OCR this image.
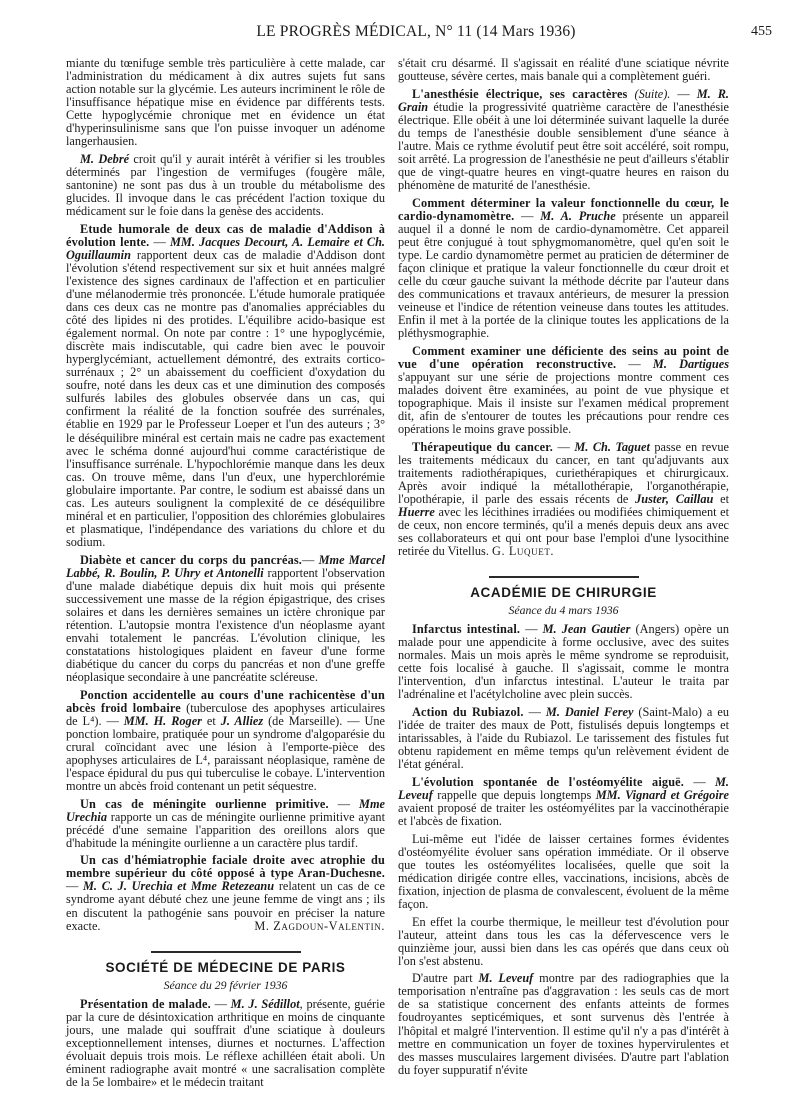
LE PROGRÈS MÉDICAL, N° 11 (14 Mars 1936)	455

miante du tœnifuge semble très particulière à cette malade, car l'administration du médicament à dix autres sujets fut sans action notable sur la glycémie. Les auteurs incriminent le rôle de l'insuffisance hépatique mise en évidence par différents tests. Cette hypoglycémie chronique met en évidence un état d'hyperinsulinisme sans que l'on puisse invoquer un adénome langerhausien.

M. Debré croit qu'il y aurait intérêt à vérifier si les troubles déterminés par l'ingestion de vermifuges (fougère mâle, santonine) ne sont pas dus à un trouble du métabolisme des glucides. Il invoque dans le cas précédent l'action toxique du médicament sur le foie dans la genèse des accidents.

Etude humorale de deux cas de maladie d'Addison à évolution lente. — MM. Jacques Decourt, A. Lemaire et Ch. Oguillaumin rapportent deux cas de maladie d'Addison dont l'évolution s'étend respectivement sur six et huit années malgré l'existence des signes cardinaux de l'affection et en particulier d'une mélanodermie très prononcée. L'étude humorale pratiquée dans ces deux cas ne montre pas d'anomalies appréciables du côté des lipides ni des protides. L'équilibre acido-basique est également normal. On note par contre : 1° une hypoglycémie, discrète mais indiscutable, qui cadre bien avec le pouvoir hyperglycémiant, actuellement démontré, des extraits cortico-surrénaux ; 2° un abaissement du coefficient d'oxydation du soufre, noté dans les deux cas et une diminution des composés sulfurés labiles des globules observée dans un cas, qui confirment la réalité de la fonction soufrée des surrénales, établie en 1929 par le Professeur Loeper et l'un des auteurs ; 3° le déséquilibre minéral est certain mais ne cadre pas exactement avec le schéma donné aujourd'hui comme caractéristique de l'insuffisance surrénale. L'hypochlorémie manque dans les deux cas. On trouve même, dans l'un d'eux, une hyperchlorémie globulaire importante. Par contre, le sodium est abaissé dans un cas. Les auteurs soulignent la complexité de ce déséquilibre minéral et en particulier, l'opposition des chlorémies globulaires et plasmatique, l'indépendance des variations du chlore et du sodium.

Diabète et cancer du corps du pancréas.— Mme Marcel Labbé, R. Boulin, P. Uhry et Antonelli rapportent l'observation d'une malade diabétique depuis dix huit mois qui présente successivement une masse de la région épigastrique, des crises solaires et dans les dernières semaines un ictère chronique par rétention. L'autopsie montra l'existence d'un néoplasme ayant envahi totalement le pancréas. L'évolution clinique, les constatations histologiques plaident en faveur d'une forme diabétique du cancer du corps du pancréas et non d'une greffe néoplasique secondaire à une pancréatite scléreuse.

Ponction accidentelle au cours d'une rachicentèse d'un abcès froid lombaire (tuberculose des apophyses articulaires de L⁴). — MM. H. Roger et J. Alliez (de Marseille). — Une ponction lombaire, pratiquée pour un syndrome d'algoparésie du crural coïncidant avec une lésion à l'emporte-pièce des apophyses articulaires de L⁴, paraissant néoplasique, ramène de l'espace épidural du pus qui tuberculise le cobaye. L'intervention montre un abcès froid contenant un petit séquestre.

Un cas de méningite ourlienne primitive. — Mme Urechia rapporte un cas de méningite ourlienne primitive ayant précédé d'une semaine l'apparition des oreillons alors que d'habitude la méningite ourlienne a un caractère plus tardif.

Un cas d'hémiatrophie faciale droite avec atrophie du membre supérieur du côté opposé à type Aran-Duchesne. — M. C. J. Urechia et Mme Retezeanu relatent un cas de ce syndrome ayant débuté chez une jeune femme de vingt ans ; ils en discutent la pathogénie sans pouvoir en préciser la nature exacte.	M. Zagdoun-Valentin.

SOCIÉTÉ DE MÉDECINE DE PARIS
Séance du 29 février 1936

Présentation de malade. — M. J. Sédillot, présente, guérie par la cure de désintoxication arthritique en moins de cinquante jours, une malade qui souffrait d'une sciatique à douleurs exceptionnellement intenses, diurnes et nocturnes. L'affection évoluait depuis trois mois. Le réflexe achilléen était aboli. Un éminent radiographe avait montré « une sacralisation complète de la 5e lombaire» et le médecin traitant

s'était cru désarmé. Il s'agissait en réalité d'une sciatique névrite goutteuse, sévère certes, mais banale qui a complètement guéri.

L'anesthésie électrique, ses caractères (Suite). — M. R. Grain étudie la progressivité quatrième caractère de l'anesthésie électrique. Elle obéit à une loi déterminée suivant laquelle la durée du temps de l'anesthésie double sensiblement d'une séance à l'autre. Mais ce rythme évolutif peut être soit accéléré, soit rompu, soit arrêté. La progression de l'anesthésie ne peut d'ailleurs s'établir que de vingt-quatre heures en vingt-quatre heures en raison du phénomène de maturité de l'anesthésie.

Comment déterminer la valeur fonctionnelle du cœur, le cardio-dynamomètre. — M. A. Pruche présente un appareil auquel il a donné le nom de cardio-dynamomètre. Cet appareil peut être conjugué à tout sphygmomanomètre, quel qu'en soit le type. Le cardio dynamomètre permet au praticien de déterminer de façon clinique et pratique la valeur fonctionnelle du cœur droit et celle du cœur gauche suivant la méthode décrite par l'auteur dans des communications et travaux antérieurs, de mesurer la pression veineuse et l'indice de rétention veineuse dans toutes les attitudes. Enfin il met à la portée de la clinique toutes les applications de la pléthysmographie.

Comment examiner une déficiente des seins au point de vue d'une opération reconstructive. — M. Dartigues s'appuyant sur une série de projections montre comment ces malades doivent être examinées, au point de vue physique et topographique. Mais il insiste sur l'examen médical proprement dit, afin de s'entourer de toutes les précautions pour rendre ces opérations le moins grave possible.

Thérapeutique du cancer. — M. Ch. Taguet passe en revue les traitements médicaux du cancer, en tant qu'adjuvants aux traitements radiothérapiques, curiethérapiques et chirurgicaux. Après avoir indiqué la métallothérapie, l'organothérapie, l'opothérapie, il parle des essais récents de Juster, Caillau et Huerre avec les lécithines irradiées ou modifiées chimiquement et de ceux, non encore terminés, qu'il a menés depuis deux ans avec ses collaborateurs et qui ont pour base l'emploi d'une lysocithine retirée du Vitellus. G. Luquet.

ACADÉMIE DE CHIRURGIE
Séance du 4 mars 1936

Infarctus intestinal. — M. Jean Gautier (Angers) opère un malade pour une appendicite à forme occlusive, avec des suites normales. Mais un mois après le même syndrome se reproduisit, cette fois localisé à gauche. Il s'agissait, comme le montra l'intervention, d'un infarctus intestinal. L'auteur le traita par l'adrénaline et l'acétylcholine avec plein succès.

Action du Rubiazol. — M. Daniel Ferey (Saint-Malo) a eu l'idée de traiter des maux de Pott, fistulisés depuis longtemps et intarissables, à l'aide du Rubiazol. Le tarissement des fistules fut obtenu rapidement en même temps qu'un relèvement évident de l'état général.

L'évolution spontanée de l'ostéomyélite aiguë. — M. Leveuf rappelle que depuis longtemps MM. Vignard et Grégoire avaient proposé de traiter les ostéomyélites par la vaccinothérapie et l'abcès de fixation.

Lui-même eut l'idée de laisser certaines formes évidentes d'ostéomyélite évoluer sans opération immédiate. Or il observe que toutes les ostéomyélites localisées, quelle que soit la médication dirigée contre elles, vaccinations, incisions, abcès de fixation, injection de plasma de convalescent, évoluent de la même façon.

En effet la courbe thermique, le meilleur test d'évolution pour l'auteur, atteint dans tous les cas la défervescence vers le quinzième jour, aussi bien dans les cas opérés que dans ceux où l'on s'est abstenu.

D'autre part M. Leveuf montre par des radiographies que la temporisation n'entraîne pas d'aggravation : les seuls cas de mort de sa statistique concernent des enfants atteints de formes foudroyantes septicémiques, et sont survenus dès l'entrée à l'hôpital et malgré l'intervention. Il estime qu'il n'y a pas d'intérêt à mettre en communication un foyer de toxines hypervirulentes et des masses musculaires largement divisées. D'autre part l'ablation du foyer suppuratif n'évite
